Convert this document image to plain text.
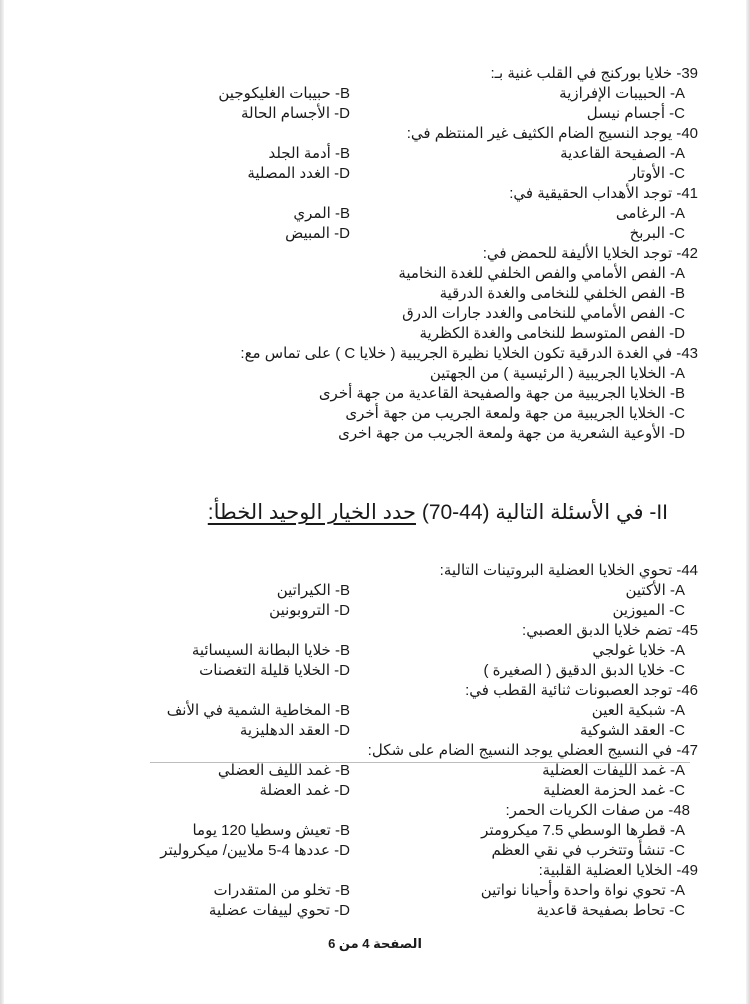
39- خلايا بوركنج في القلب غنية بـ:
A- الحبيبات الإفرازية
B- حبيبات الغليكوجين
C- أجسام نيسل
D- الأجسام الحالة
40- يوجد النسيج الضام الكثيف غير المنتظم في:
A- الصفيحة القاعدية
B- أدمة الجلد
C- الأوتار
D- الغدد المصلية
41- توجد الأهداب الحقيقية في:
A- الرغامى
B- المري
C- البربخ
D- المبيض
42- توجد الخلايا الأليفة للحمض في:
A- الفص الأمامي والفص الخلفي للغدة النخامية
B- الفص الخلفي للنخامى والغدة الدرقية
C- الفص الأمامي للنخامى والغدد جارات الدرق
D- الفص المتوسط للنخامى والغدة الكظرية
43- في الغدة الدرقية تكون الخلايا نظيرة الجريبية ( خلايا C ) على تماس مع:
A- الخلايا الجريبية ( الرئيسية ) من الجهتين
B- الخلايا الجريبية من جهة والصفيحة القاعدية من جهة أخرى
C- الخلايا الجريبية من جهة ولمعة الجريب من جهة أخرى
D- الأوعية الشعرية من جهة ولمعة الجريب من جهة اخرى
II- في الأسئلة التالية (44-70) حدد الخيار الوحيد الخطأ:
44- تحوي الخلايا العضلية البروتينات التالية:
A- الأكتين
B- الكيراتين
C- الميوزين
D- التروبونين
45- تضم خلايا الدبق العصبي:
A- خلايا غولجي
B- خلايا البطانة السيسائية
C- خلايا الدبق الدقيق ( الصغيرة )
D- الخلايا قليلة التغصنات
46- توجد العصبونات ثنائية القطب في:
A- شبكية العين
B- المخاطية الشمية في الأنف
C- العقد الشوكية
D- العقد الدهليزية
47- في النسيج العضلي يوجد النسيج الضام على شكل:
A- غمد الليفات العضلية
B- غمد الليف العضلي
C- غمد الحزمة العضلية
D- غمد العضلة
48- من صفات الكريات الحمر:
A- قطرها الوسطي 7.5 ميكرومتر
B- تعيش وسطيا 120 يوما
C- تنشأ وتتخرب في نقي العظم
D- عددها 4-5 ملايين/ ميكروليتر
49- الخلايا العضلية القلبية:
A- تحوي نواة واحدة وأحيانا نواتين
B- تخلو من المتقدرات
C- تحاط بصفيحة قاعدية
D- تحوي لييفات عضلية
الصفحة 4 من 6
